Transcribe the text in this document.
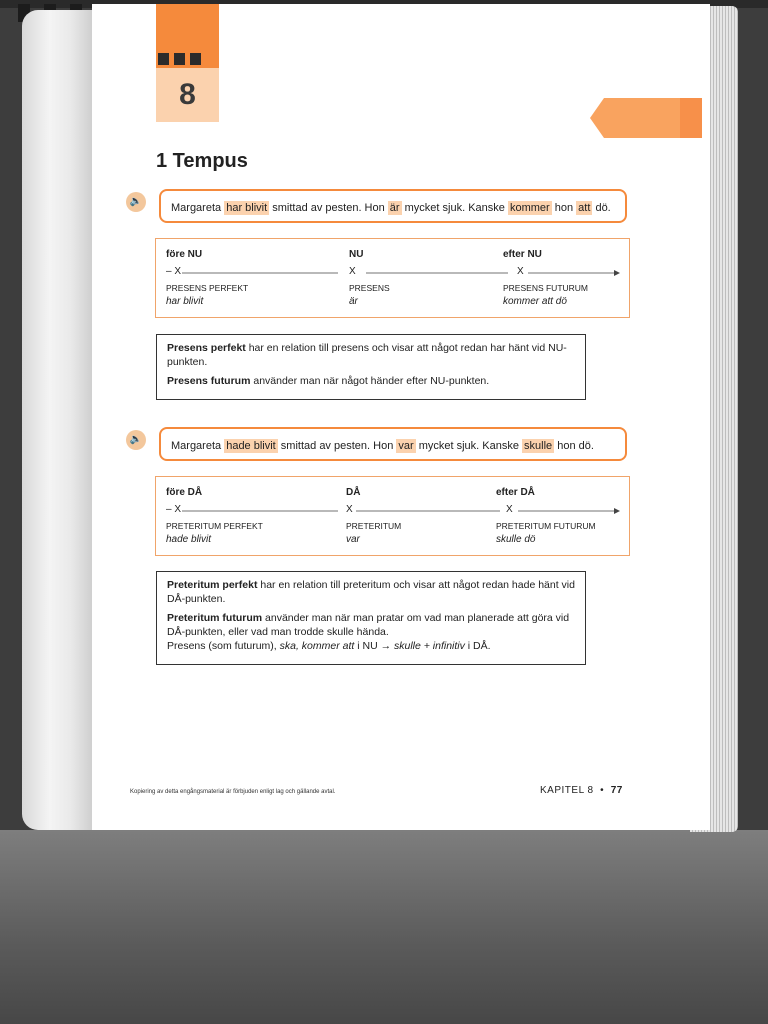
8
1 Tempus
🔈
Margareta har blivit smittad av pesten. Hon är mycket sjuk. Kanske kommer hon att dö.
före NU
– X
PRESENS PERFEKT
har blivit
NU
X
PRESENS
är
efter NU
X
PRESENS FUTURUM
kommer att dö

Presens perfekt har en relation till presens och visar att något redan har hänt vid NU-punkten.

Presens futurum använder man när något händer efter NU-punkten.

🔈
Margareta hade blivit smittad av pesten. Hon var mycket sjuk. Kanske skulle hon dö.
före DÅ
– X
PRETERITUM PERFEKT
hade blivit
DÅ
X
PRETERITUM
var
efter DÅ
X
PRETERITUM FUTURUM
skulle dö

Preteritum perfekt har en relation till preteritum och visar att något redan hade hänt vid DÅ-punkten.

Preteritum futurum använder man när man pratar om vad man planerade att göra vid DÅ-punkten, eller vad man trodde skulle hända.
Presens (som futurum), ska, kommer att i NU → skulle + infinitiv i DÅ.

Kopiering av detta engångsmaterial är förbjuden enligt lag och gällande avtal.	KAPITEL 8 • 77
